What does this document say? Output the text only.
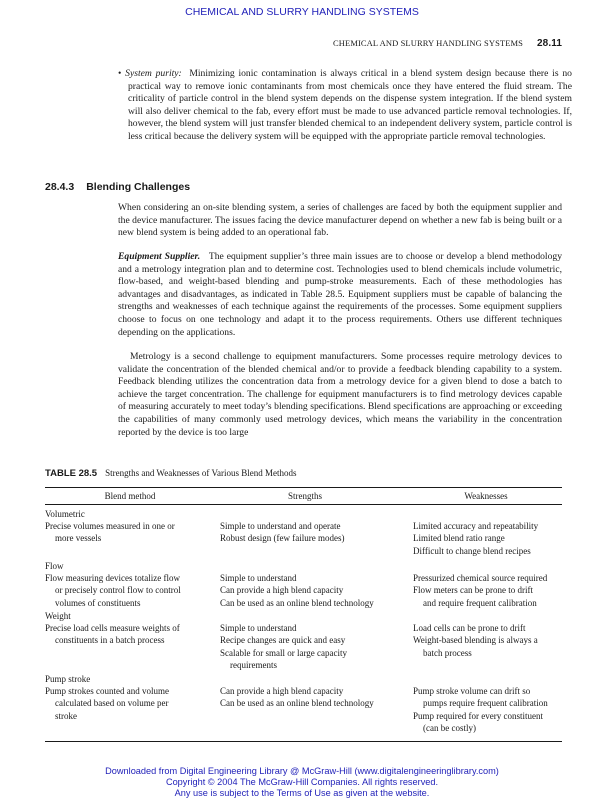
CHEMICAL AND SLURRY HANDLING SYSTEMS
CHEMICAL AND SLURRY HANDLING SYSTEMS 28.11
• System purity: Minimizing ionic contamination is always critical in a blend system design because there is no practical way to remove ionic contaminants from most chemicals once they have entered the fluid stream. The criticality of particle control in the blend system depends on the dispense system integration. If the blend system will also deliver chemical to the fab, every effort must be made to use advanced particle removal technologies. If, however, the blend system will just transfer blended chemical to an independent delivery system, particle control is less critical because the delivery system will be equipped with the appropriate particle removal technologies.
28.4.3 Blending Challenges
When considering an on-site blending system, a series of challenges are faced by both the equipment supplier and the device manufacturer. The issues facing the device manufacturer depend on whether a new fab is being built or a new blend system is being added to an operational fab.
Equipment Supplier. The equipment supplier’s three main issues are to choose or develop a blend methodology and a metrology integration plan and to determine cost. Technologies used to blend chemicals include volumetric, flow-based, and weight-based blending and pump-stroke measurements. Each of these methodologies has advantages and disadvantages, as indicated in Table 28.5. Equipment suppliers must be capable of balancing the strengths and weaknesses of each technique against the requirements of the processes. Some equipment suppliers choose to focus on one technology and adapt it to the process requirements. Others use different techniques depending on the applications.
Metrology is a second challenge to equipment manufacturers. Some processes require metrology devices to validate the concentration of the blended chemical and/or to provide a feedback blending capability to a system. Feedback blending utilizes the concentration data from a metrology device for a given blend to dose a batch to achieve the target concentration. The challenge for equipment manufacturers is to find metrology devices capable of measuring accurately to meet today’s blending specifications. Blend specifications are approaching or exceeding the capabilities of many commonly used metrology devices, which means the variability in the concentration reported by the device is too large
TABLE 28.5 Strengths and Weaknesses of Various Blend Methods
Blend method	Strengths	Weaknesses
Volumetric
Precise volumes measured in one or
more vessels
Simple to understand and operate
Robust design (few failure modes)
Limited accuracy and repeatability
Limited blend ratio range
Difficult to change blend recipes
Flow
Flow measuring devices totalize flow
or precisely control flow to control
volumes of constituents
Simple to understand
Can provide a high blend capacity
Can be used as an online blend technology
Pressurized chemical source required
Flow meters can be prone to drift
and require frequent calibration
Weight
Precise load cells measure weights of
constituents in a batch process
Simple to understand
Recipe changes are quick and easy
Scalable for small or large capacity
requirements
Load cells can be prone to drift
Weight-based blending is always a
batch process
Pump stroke
Pump strokes counted and volume
calculated based on volume per
stroke
Can provide a high blend capacity
Can be used as an online blend technology
Pump stroke volume can drift so
pumps require frequent calibration
Pump required for every constituent
(can be costly)
Downloaded from Digital Engineering Library @ McGraw-Hill (www.digitalengineeringlibrary.com)
Copyright © 2004 The McGraw-Hill Companies. All rights reserved.
Any use is subject to the Terms of Use as given at the website.
